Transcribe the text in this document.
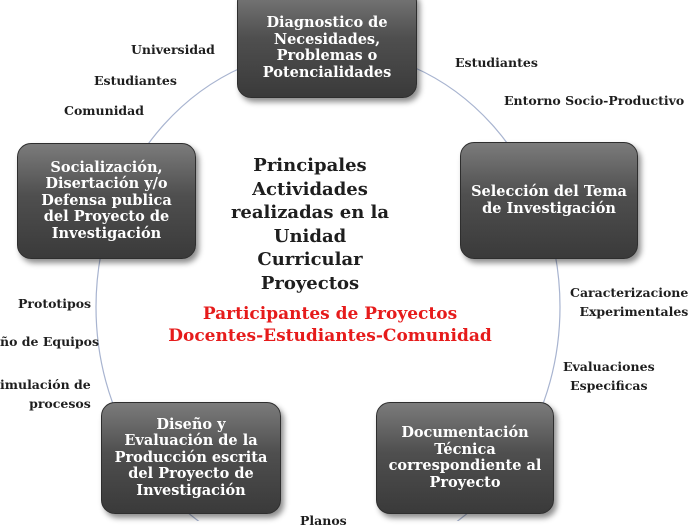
Principales
Actividades
realizadas en la
Unidad Curricular
Proyectos
Participantes de Proyectos
Docentes-Estudiantes-Comunidad
Diagnostico de
Necesidades,
Problemas o
Potencialidades
Selección del Tema
de Investigación
Documentación
Técnica
correspondiente al
Proyecto
Diseño y
Evaluación de la
Producción escrita
del Proyecto de
Investigación
Socialización,
Disertación y/o
Defensa publica
del Proyecto de
Investigación
Universidad
Estudiantes
Comunidad
Estudiantes
Entorno Socio-Productivo
Caracterizacione
Experimentales
Evaluaciones
Especificas
Planos
Prototipos
ño de Equipos
imulación de
procesos
